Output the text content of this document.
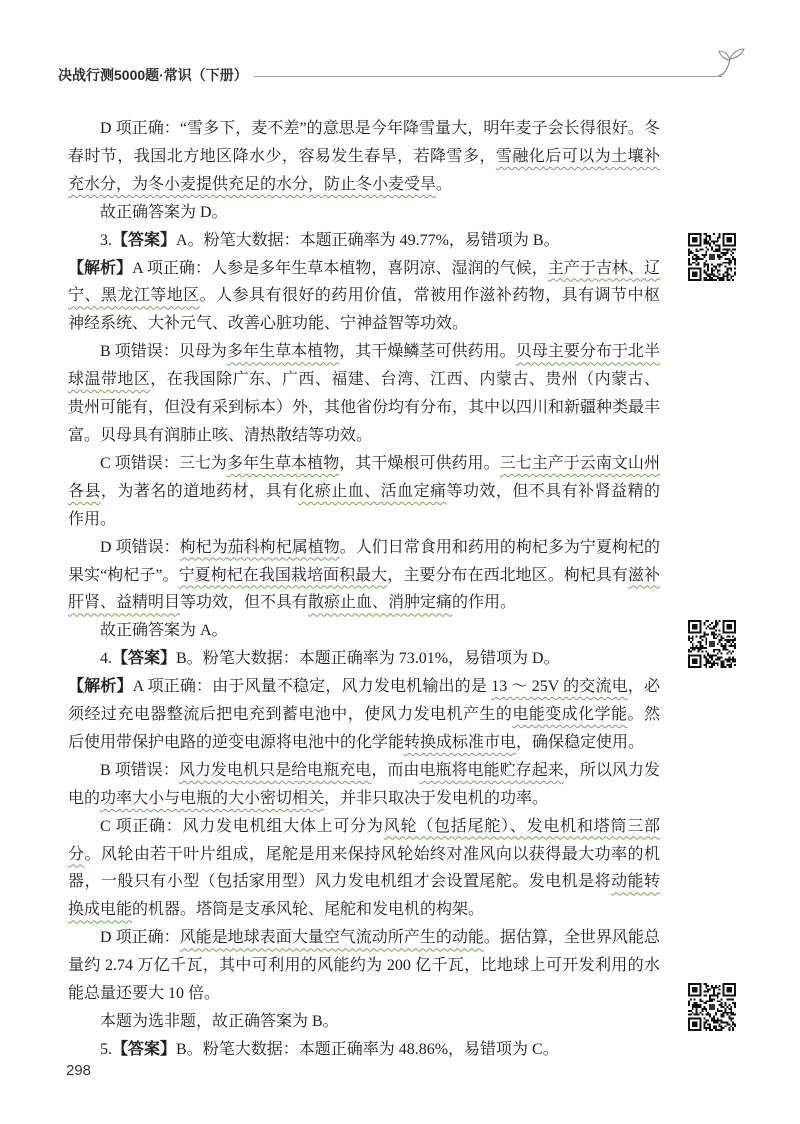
决战行测5000题·常识（下册）

D 项正确：“雪多下，麦不差”的意思是今年降雪量大，明年麦子会长得很好。冬春时节，我国北方地区降水少，容易发生春旱，若降雪多，雪融化后可以为土壤补充水分，为冬小麦提供充足的水分，防止冬小麦受旱。

故正确答案为 D。

3.【答案】A。粉笔大数据：本题正确率为 49.77%，易错项为 B。

【解析】A 项正确：人参是多年生草本植物，喜阴凉、湿润的气候，主产于吉林、辽宁、黑龙江等地区。人参具有很好的药用价值，常被用作滋补药物，具有调节中枢神经系统、大补元气、改善心脏功能、宁神益智等功效。

B 项错误：贝母为多年生草本植物，其干燥鳞茎可供药用。贝母主要分布于北半球温带地区，在我国除广东、广西、福建、台湾、江西、内蒙古、贵州（内蒙古、贵州可能有，但没有采到标本）外，其他省份均有分布，其中以四川和新疆种类最丰富。贝母具有润肺止咳、清热散结等功效。

C 项错误：三七为多年生草本植物，其干燥根可供药用。三七主产于云南文山州各县，为著名的道地药材，具有化瘀止血、活血定痛等功效，但不具有补肾益精的作用。

D 项错误：枸杞为茄科枸杞属植物。人们日常食用和药用的枸杞多为宁夏枸杞的果实“枸杞子”。宁夏枸杞在我国栽培面积最大，主要分布在西北地区。枸杞具有滋补肝肾、益精明目等功效，但不具有散瘀止血、消肿定痛的作用。

故正确答案为 A。

4.【答案】B。粉笔大数据：本题正确率为 73.01%，易错项为 D。

【解析】A 项正确：由于风量不稳定，风力发电机输出的是 13 ～ 25V 的交流电，必须经过充电器整流后把电充到蓄电池中，使风力发电机产生的电能变成化学能。然后使用带保护电路的逆变电源将电池中的化学能转换成标准市电，确保稳定使用。

B 项错误：风力发电机只是给电瓶充电，而由电瓶将电能贮存起来，所以风力发电的功率大小与电瓶的大小密切相关，并非只取决于发电机的功率。

C 项正确：风力发电机组大体上可分为风轮（包括尾舵）、发电机和塔筒三部分。风轮由若干叶片组成，尾舵是用来保持风轮始终对准风向以获得最大功率的机器，一般只有小型（包括家用型）风力发电机组才会设置尾舵。发电机是将动能转换成电能的机器。塔筒是支承风轮、尾舵和发电机的构架。

D 项正确：风能是地球表面大量空气流动所产生的动能。据估算，全世界风能总量约 2.74 万亿千瓦，其中可利用的风能约为 200 亿千瓦，比地球上可开发利用的水能总量还要大 10 倍。

本题为选非题，故正确答案为 B。

5.【答案】B。粉笔大数据：本题正确率为 48.86%，易错项为 C。

298
